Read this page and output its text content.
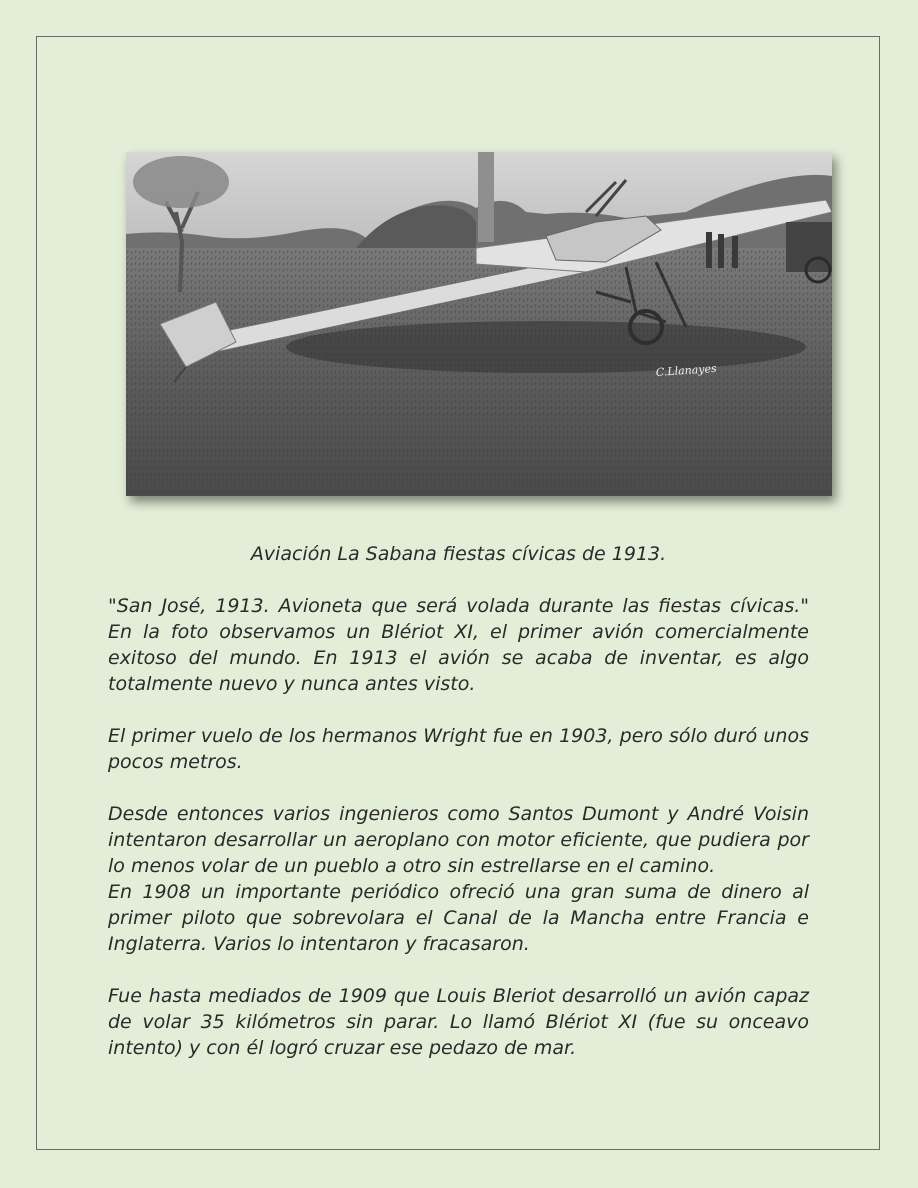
C.Llanayes

Aviación La Sabana fiestas cívicas de 1913.

"San José, 1913. Avioneta que será volada durante las fiestas cívicas." En la foto observamos un Blériot XI, el primer avión comercialmente exitoso del mundo. En 1913 el avión se acaba de inventar, es algo totalmente nuevo y nunca antes visto.

El primer vuelo de los hermanos Wright fue en 1903, pero sólo duró unos pocos metros.

Desde entonces varios ingenieros como Santos Dumont y André Voisin intentaron desarrollar un aeroplano con motor eficiente, que pudiera por lo menos volar de un pueblo a otro sin estrellarse en el camino.

En 1908 un importante periódico ofreció una gran suma de dinero al primer piloto que sobrevolara el Canal de la Mancha entre Francia e Inglaterra. Varios lo intentaron y fracasaron.

Fue hasta mediados de 1909 que Louis Bleriot desarrolló un avión capaz de volar 35 kilómetros sin parar. Lo llamó Blériot XI (fue su onceavo intento) y con él logró cruzar ese pedazo de mar.
